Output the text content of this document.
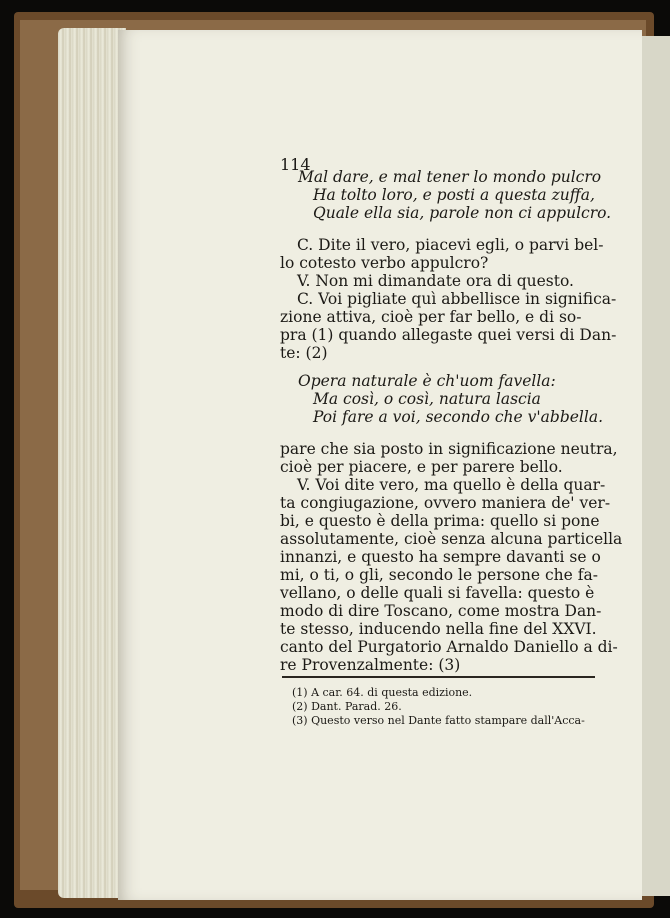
114
Mal dare, e mal tener lo mondo pulcro
Ha tolto loro, e posti a questa zuffa,
Quale ella sia, parole non ci appulcro.
C. Dite il vero, piacevi egli, o parvi bel-
lo cotesto verbo appulcro?
V. Non mi dimandate ora di questo.
C. Voi pigliate quì abbellisce in significa-
zione attiva, cioè per far bello, e di so-
pra (1) quando allegaste quei versi di Dan-
te: (2)
Opera naturale è ch'uom favella:
Ma così, o così, natura lascia
Poi fare a voi, secondo che v'abbella.
pare che sia posto in significazione neutra,
cioè per piacere, e per parere bello.
V. Voi dite vero, ma quello è della quar-
ta congiugazione, ovvero maniera de' ver-
bi, e questo è della prima: quello si pone
assolutamente, cioè senza alcuna particella
innanzi, e questo ha sempre davanti se o
mi, o ti, o gli, secondo le persone che fa-
vellano, o delle quali si favella: questo è
modo di dire Toscano, come mostra Dan-
te stesso, inducendo nella fine del XXVI.
canto del Purgatorio Arnaldo Daniello a di-
re Provenzalmente: (3)
(1) A car. 64. di questa edizione.
(2) Dant. Parad. 26.
(3) Questo verso nel Dante fatto stampare dall'Acca-
